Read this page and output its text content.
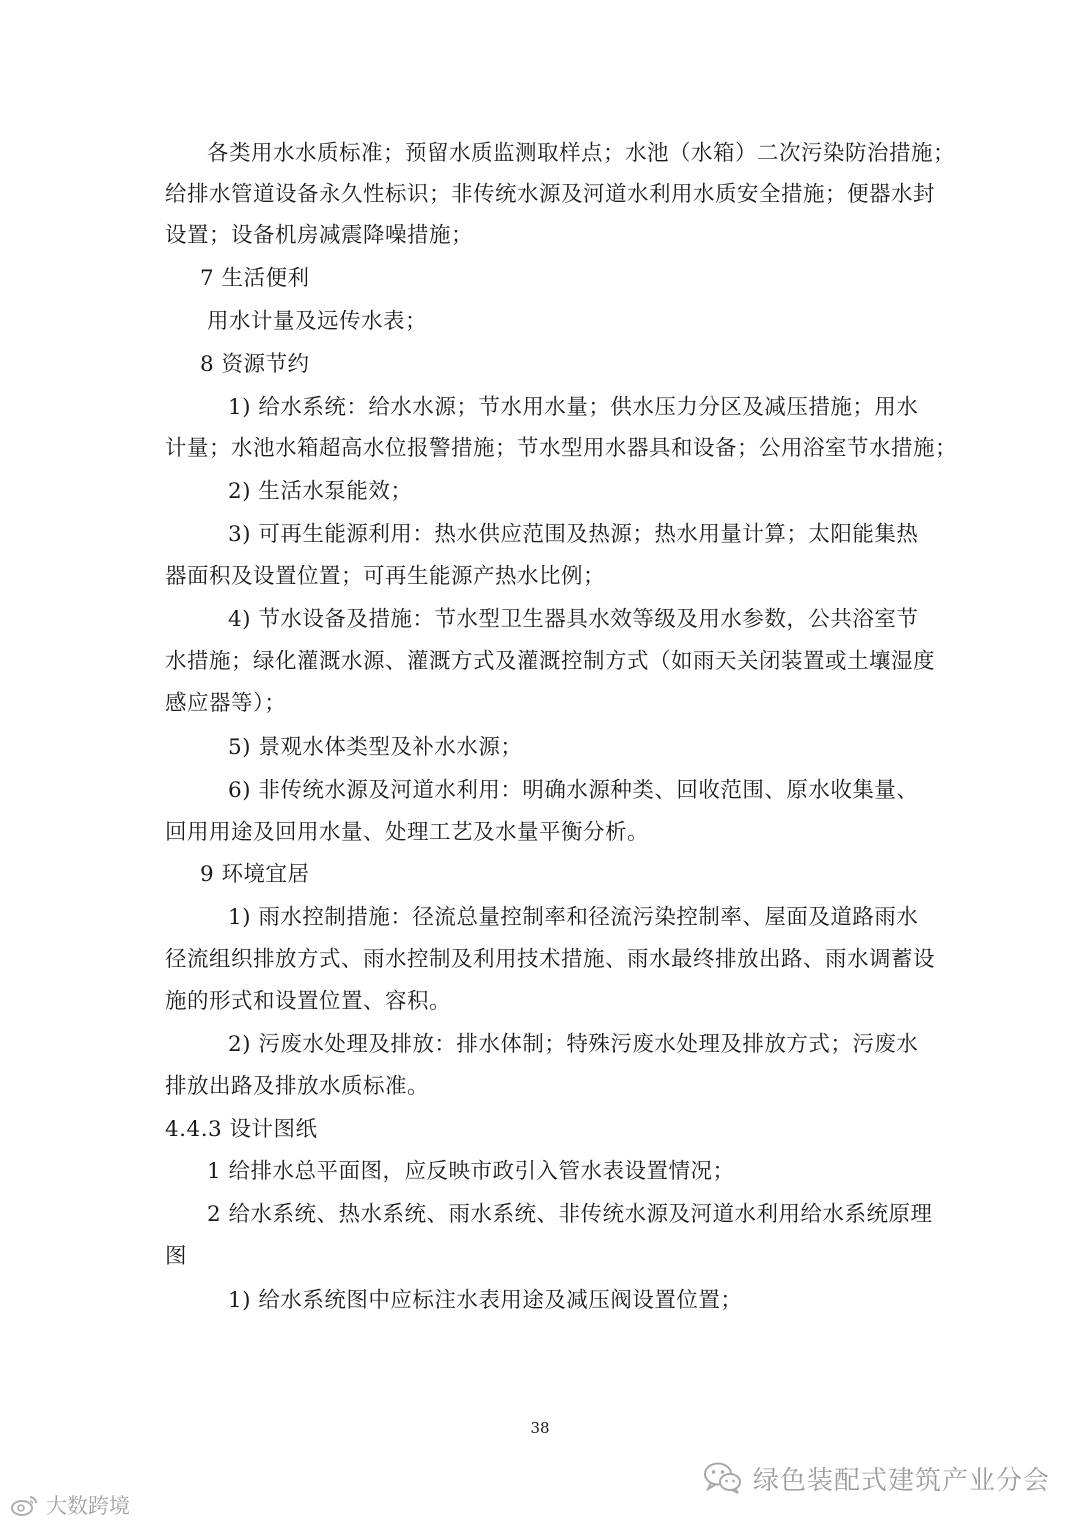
各类用水水质标准；预留水质监测取样点；水池（水箱）二次污染防治措施；
给排水管道设备永久性标识；非传统水源及河道水利用水质安全措施；便器水封
设置；设备机房减震降噪措施；
7 生活便利
用水计量及远传水表；
8 资源节约
1) 给水系统：给水水源；节水用水量；供水压力分区及减压措施；用水
计量；水池水箱超高水位报警措施；节水型用水器具和设备；公用浴室节水措施；
2) 生活水泵能效；
3) 可再生能源利用：热水供应范围及热源；热水用量计算；太阳能集热
器面积及设置位置；可再生能源产热水比例；
4) 节水设备及措施：节水型卫生器具水效等级及用水参数，公共浴室节
水措施；绿化灌溉水源、灌溉方式及灌溉控制方式（如雨天关闭装置或土壤湿度
感应器等）；
5) 景观水体类型及补水水源；
6) 非传统水源及河道水利用：明确水源种类、回收范围、原水收集量、
回用用途及回用水量、处理工艺及水量平衡分析。
9 环境宜居
1) 雨水控制措施：径流总量控制率和径流污染控制率、屋面及道路雨水
径流组织排放方式、雨水控制及利用技术措施、雨水最终排放出路、雨水调蓄设
施的形式和设置位置、容积。
2) 污废水处理及排放：排水体制；特殊污废水处理及排放方式；污废水
排放出路及排放水质标准。
4.4.3 设计图纸
1 给排水总平面图，应反映市政引入管水表设置情况；
2 给水系统、热水系统、雨水系统、非传统水源及河道水利用给水系统原理
图
1) 给水系统图中应标注水表用途及减压阀设置位置；
38
绿色装配式建筑产业分会
大数跨境
